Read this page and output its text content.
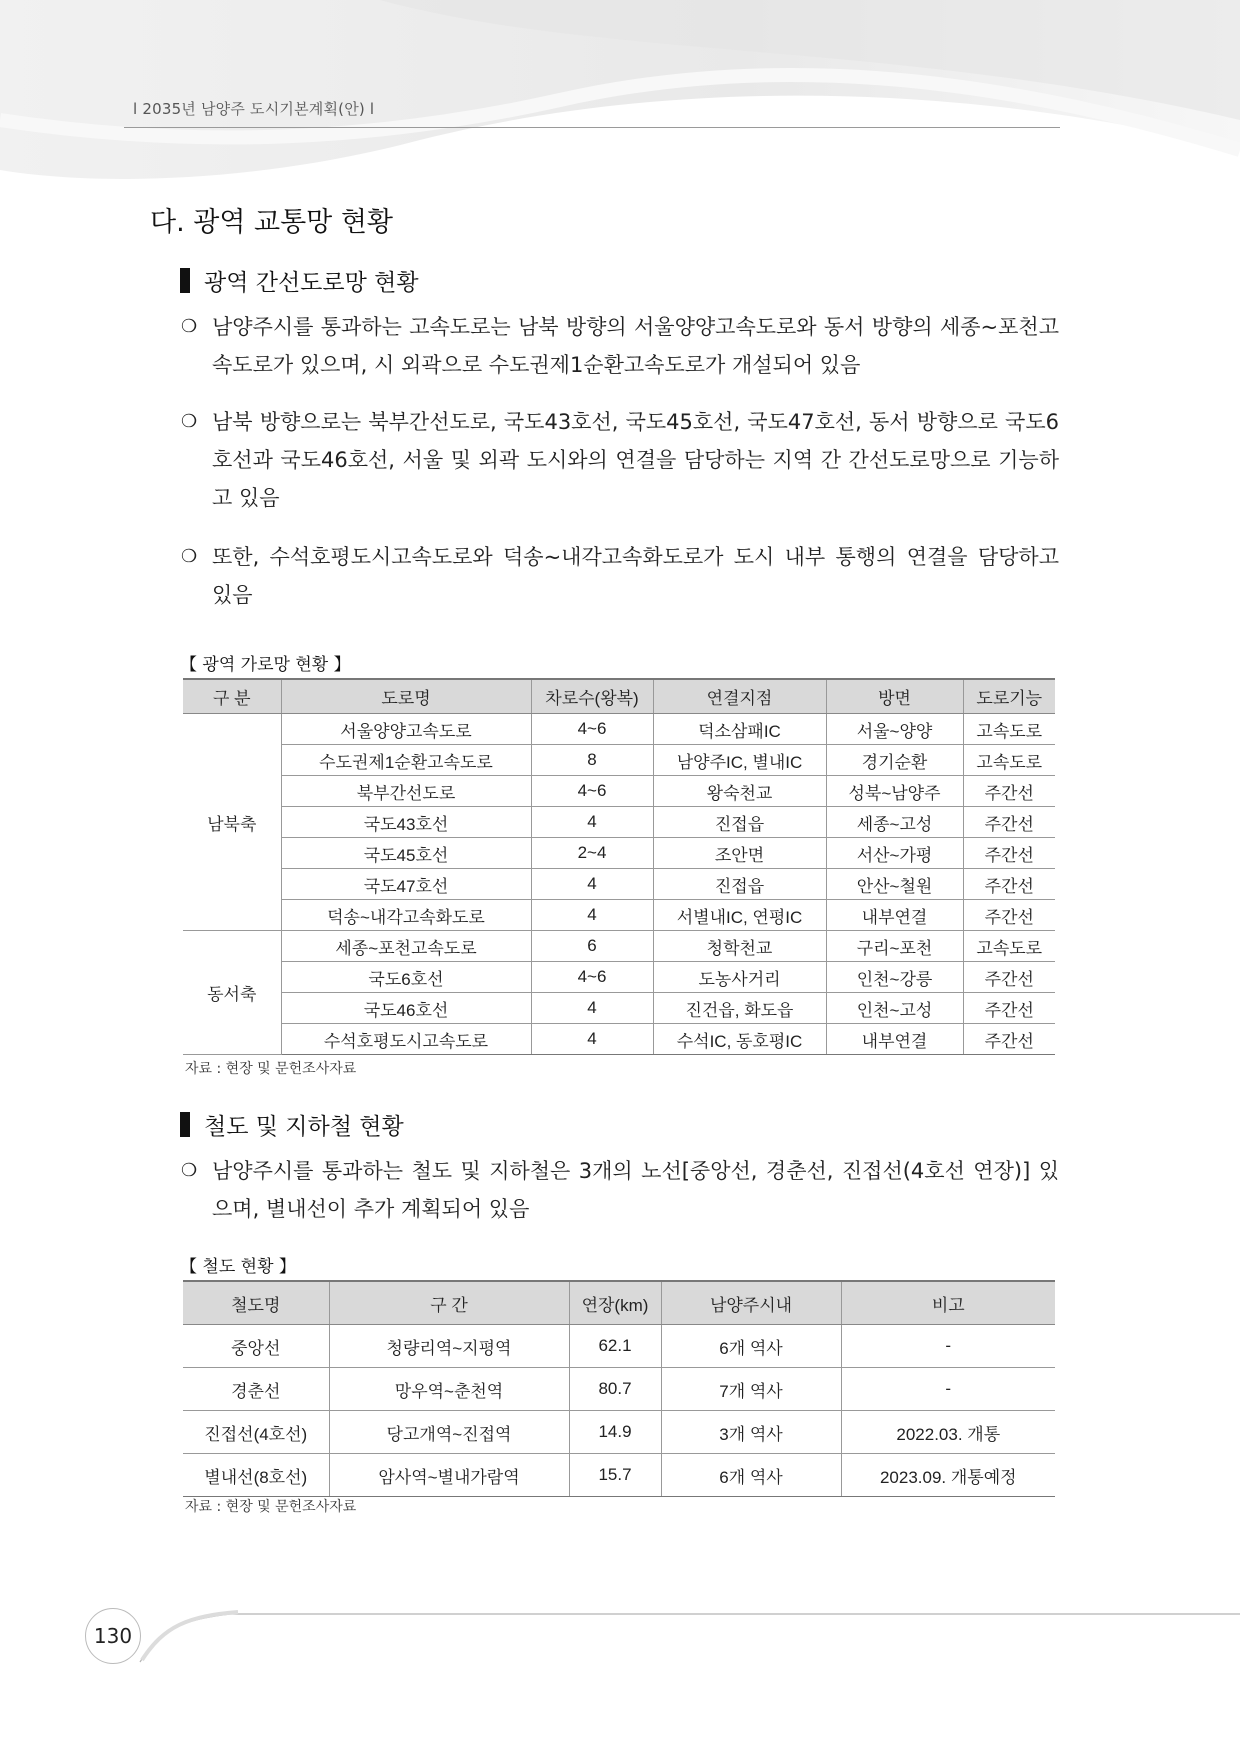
l 2035년 남양주 도시기본계획(안) l
다. 광역 교통망 현황
광역 간선도로망 현황
❍ 남양주시를 통과하는 고속도로는 남북 방향의 서울양양고속도로와 동서 방향의 세종~포천고속도로가 있으며, 시 외곽으로 수도권제1순환고속도로가 개설되어 있음
❍ 남북 방향으로는 북부간선도로, 국도43호선, 국도45호선, 국도47호선, 동서 방향으로 국도6호선과 국도46호선, 서울 및 외곽 도시와의 연결을 담당하는 지역 간 간선도로망으로 기능하고 있음
❍ 또한, 수석호평도시고속도로와 덕송~내각고속화도로가 도시 내부 통행의 연결을 담당하고 있음
【 광역 가로망 현황 】
구 분	도로명	차로수(왕복)	연결지점	방면	도로기능
남북축	서울양양고속도로	4~6	덕소삼패IC	서울~양양	고속도로
	수도권제1순환고속도로	8	남양주IC, 별내IC	경기순환	고속도로
	북부간선도로	4~6	왕숙천교	성북~남양주	주간선
	국도43호선	4	진접읍	세종~고성	주간선
	국도45호선	2~4	조안면	서산~가평	주간선
	국도47호선	4	진접읍	안산~철원	주간선
	덕송~내각고속화도로	4	서별내IC, 연평IC	내부연결	주간선
동서축	세종~포천고속도로	6	청학천교	구리~포천	고속도로
	국도6호선	4~6	도농사거리	인천~강릉	주간선
	국도46호선	4	진건읍, 화도읍	인천~고성	주간선
	수석호평도시고속도로	4	수석IC, 동호평IC	내부연결	주간선
자료 : 현장 및 문헌조사자료
철도 및 지하철 현황
❍ 남양주시를 통과하는 철도 및 지하철은 3개의 노선[중앙선, 경춘선, 진접선(4호선 연장)] 있으며, 별내선이 추가 계획되어 있음
【 철도 현황 】
철도명	구 간	연장(km)	남양주시내	비고
중앙선	청량리역~지평역	62.1	6개 역사	-
경춘선	망우역~춘천역	80.7	7개 역사	-
진접선(4호선)	당고개역~진접역	14.9	3개 역사	2022.03. 개통
별내선(8호선)	암사역~별내가람역	15.7	6개 역사	2023.09. 개통예정
자료 : 현장 및 문헌조사자료
130
